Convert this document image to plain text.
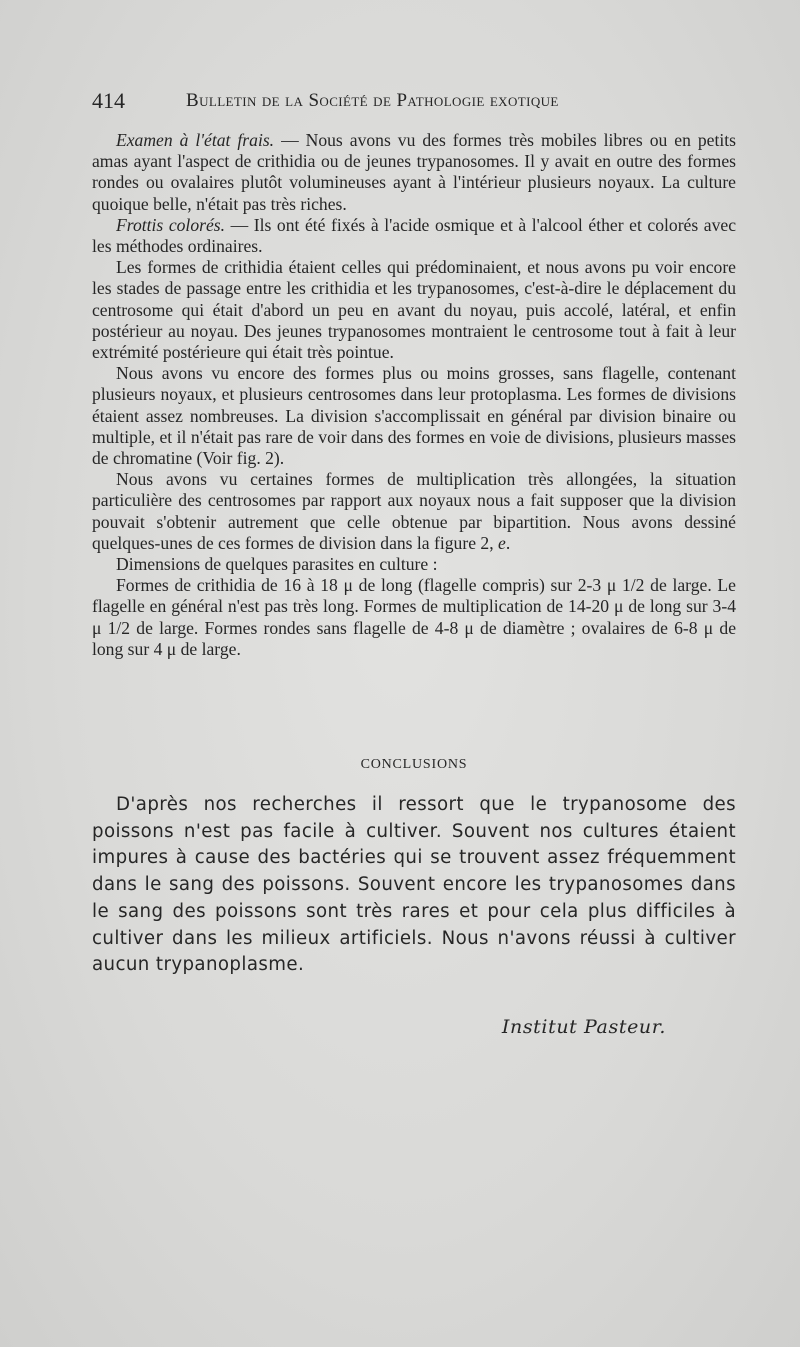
414	Bulletin de la Société de Pathologie exotique

Examen à l'état frais. — Nous avons vu des formes très mobiles libres ou en petits amas ayant l'aspect de crithidia ou de jeunes trypanosomes. Il y avait en outre des formes rondes ou ovalaires plutôt volumineuses ayant à l'intérieur plusieurs noyaux. La culture quoique belle, n'était pas très riches.

Frottis colorés. — Ils ont été fixés à l'acide osmique et à l'alcool éther et colorés avec les méthodes ordinaires.

Les formes de crithidia étaient celles qui prédominaient, et nous avons pu voir encore les stades de passage entre les crithidia et les trypanosomes, c'est-à-dire le déplacement du centrosome qui était d'abord un peu en avant du noyau, puis accolé, latéral, et enfin postérieur au noyau. Des jeunes trypanosomes montraient le centrosome tout à fait à leur extrémité postérieure qui était très pointue.

Nous avons vu encore des formes plus ou moins grosses, sans flagelle, contenant plusieurs noyaux, et plusieurs centrosomes dans leur protoplasma. Les formes de divisions étaient assez nombreuses. La division s'accomplissait en général par division binaire ou multiple, et il n'était pas rare de voir dans des formes en voie de divisions, plusieurs masses de chromatine (Voir fig. 2).

Nous avons vu certaines formes de multiplication très allongées, la situation particulière des centrosomes par rapport aux noyaux nous a fait supposer que la division pouvait s'obtenir autrement que celle obtenue par bipartition. Nous avons dessiné quelques-unes de ces formes de division dans la figure 2, e.

Dimensions de quelques parasites en culture :

Formes de crithidia de 16 à 18 μ de long (flagelle compris) sur 2-3 μ 1/2 de large. Le flagelle en général n'est pas très long. Formes de multiplication de 14-20 μ de long sur 3-4 μ 1/2 de large. Formes rondes sans flagelle de 4-8 μ de diamètre ; ovalaires de 6-8 μ de long sur 4 μ de large.

CONCLUSIONS

D'après nos recherches il ressort que le trypanosome des poissons n'est pas facile à cultiver. Souvent nos cultures étaient impures à cause des bactéries qui se trouvent assez fréquemment dans le sang des poissons. Souvent encore les trypanosomes dans le sang des poissons sont très rares et pour cela plus difficiles à cultiver dans les milieux artificiels. Nous n'avons réussi à cultiver aucun trypanoplasme.

Institut Pasteur.
